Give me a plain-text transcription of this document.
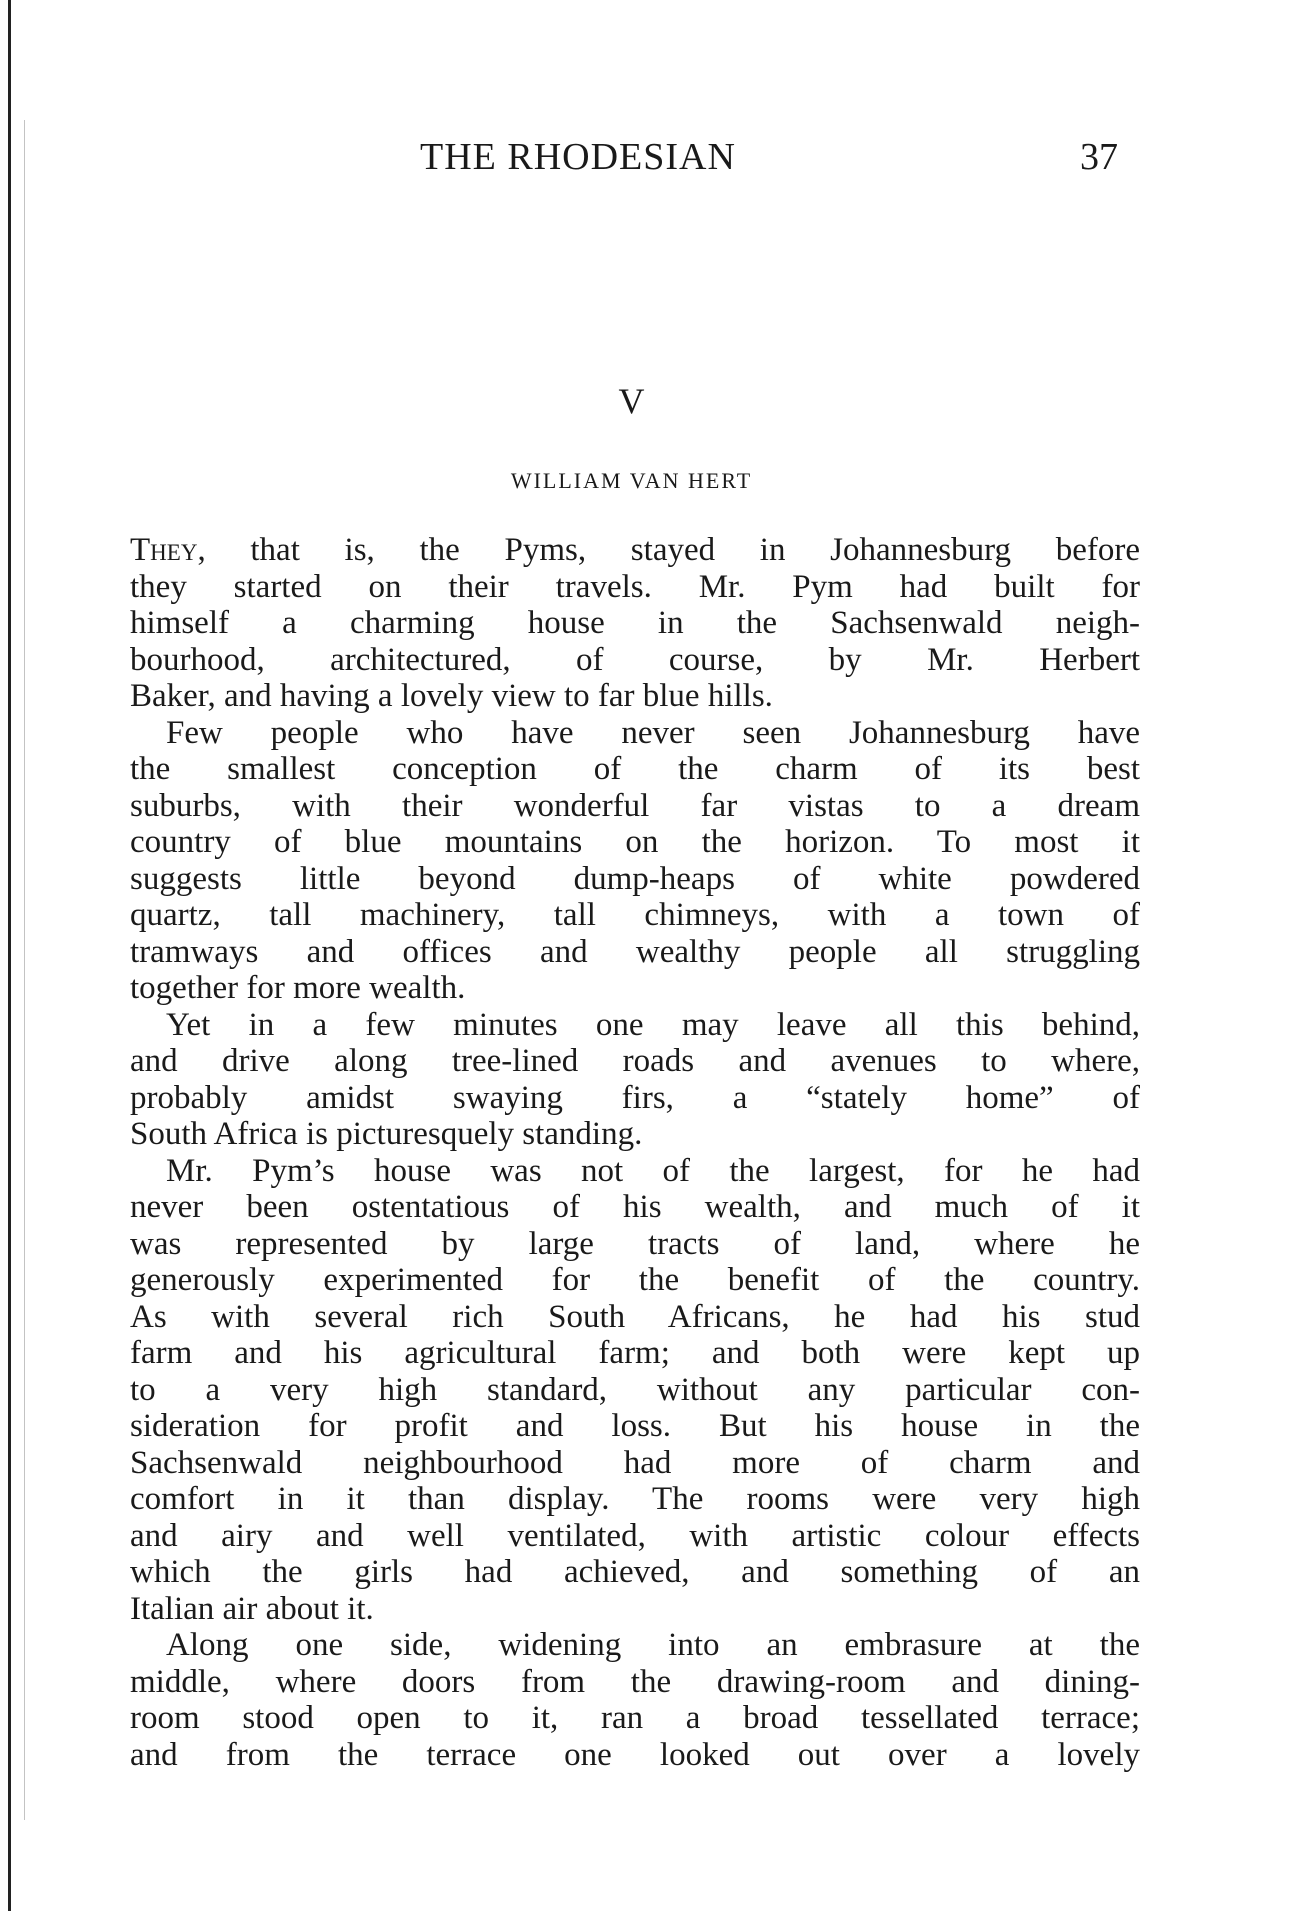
THE RHODESIAN	37
V
WILLIAM VAN HERT
They, that is, the Pyms, stayed in Johannesburg before
they started on their travels. Mr. Pym had built for
himself a charming house in the Sachsenwald neigh-
bourhood, architectured, of course, by Mr. Herbert
Baker, and having a lovely view to far blue hills.
Few people who have never seen Johannesburg have
the smallest conception of the charm of its best
suburbs, with their wonderful far vistas to a dream
country of blue mountains on the horizon. To most it
suggests little beyond dump-heaps of white powdered
quartz, tall machinery, tall chimneys, with a town of
tramways and offices and wealthy people all struggling
together for more wealth.
Yet in a few minutes one may leave all this behind,
and drive along tree-lined roads and avenues to where,
probably amidst swaying firs, a “stately home” of
South Africa is picturesquely standing.
Mr. Pym’s house was not of the largest, for he had
never been ostentatious of his wealth, and much of it
was represented by large tracts of land, where he
generously experimented for the benefit of the country.
As with several rich South Africans, he had his stud
farm and his agricultural farm; and both were kept up
to a very high standard, without any particular con-
sideration for profit and loss. But his house in the
Sachsenwald neighbourhood had more of charm and
comfort in it than display. The rooms were very high
and airy and well ventilated, with artistic colour effects
which the girls had achieved, and something of an
Italian air about it.
Along one side, widening into an embrasure at the
middle, where doors from the drawing-room and dining-
room stood open to it, ran a broad tessellated terrace;
and from the terrace one looked out over a lovely
